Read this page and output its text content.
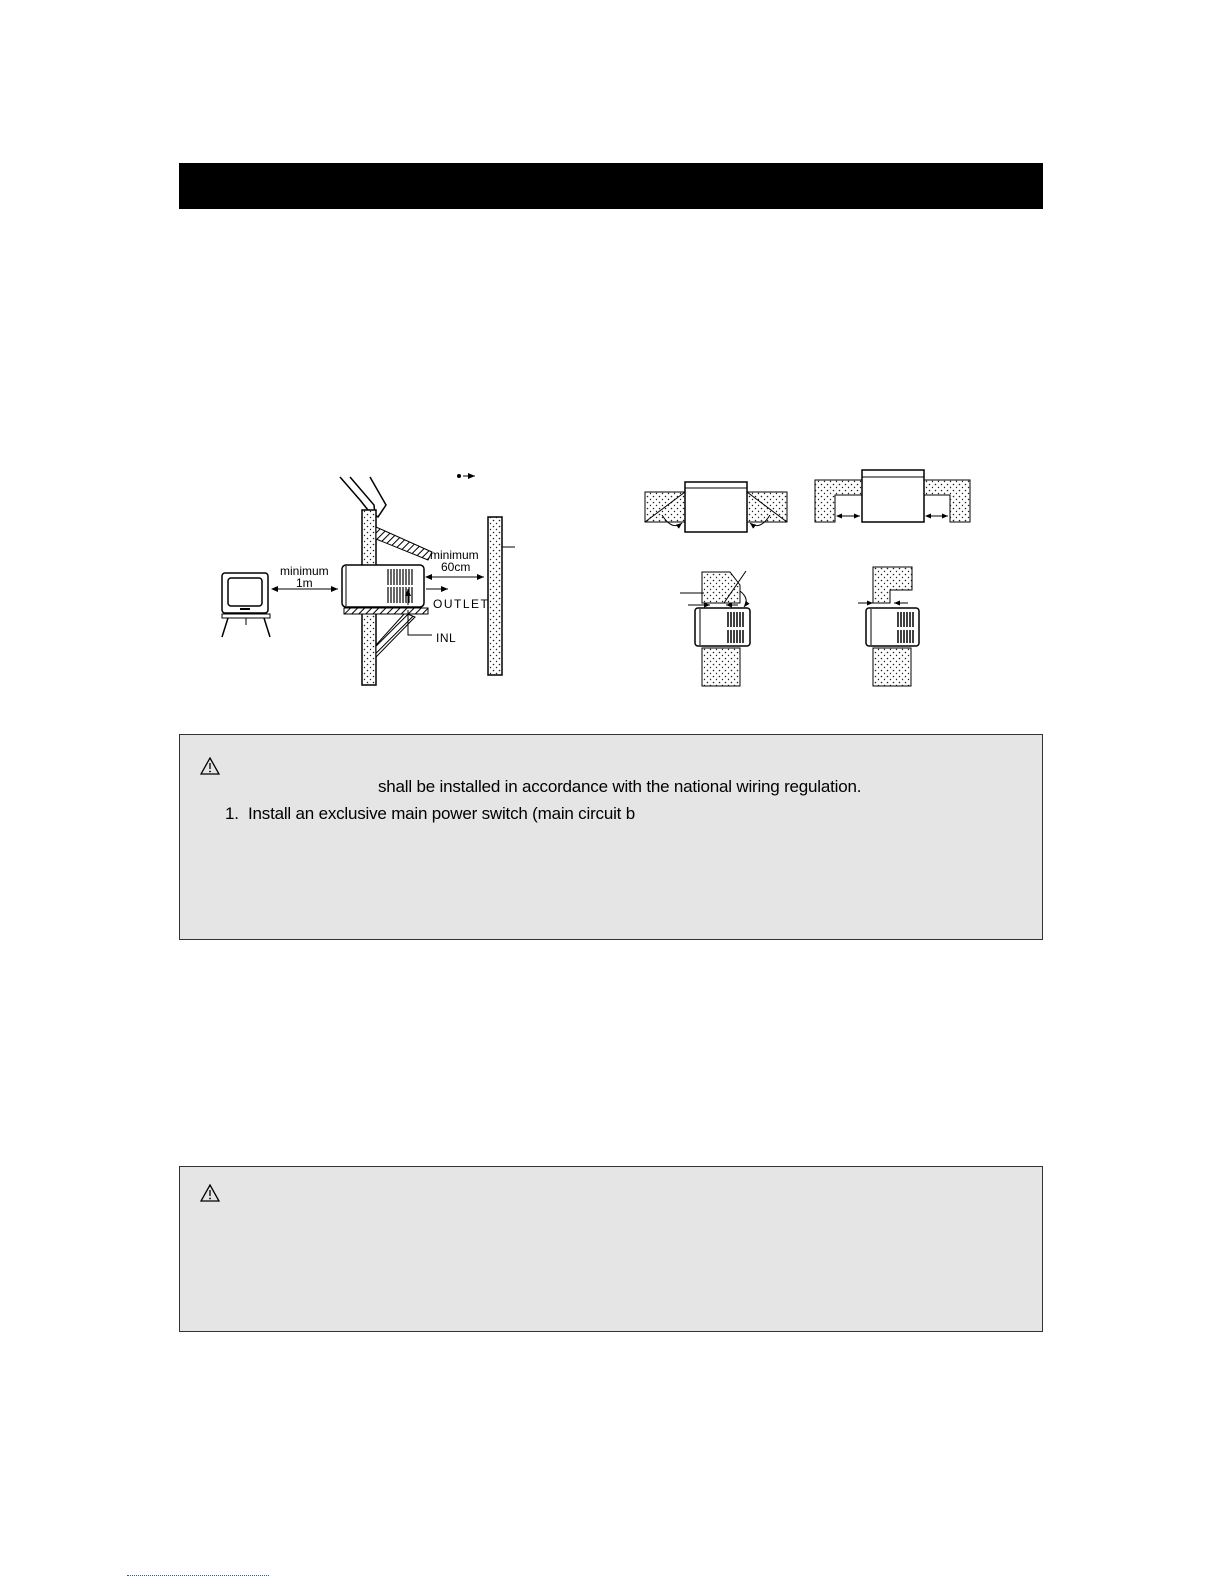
minimum
1m
minimum
60cm
OUTLET
INL
shall be installed in accordance with the national wiring regulation.
1. Install an exclusive main power switch (main circuit b
